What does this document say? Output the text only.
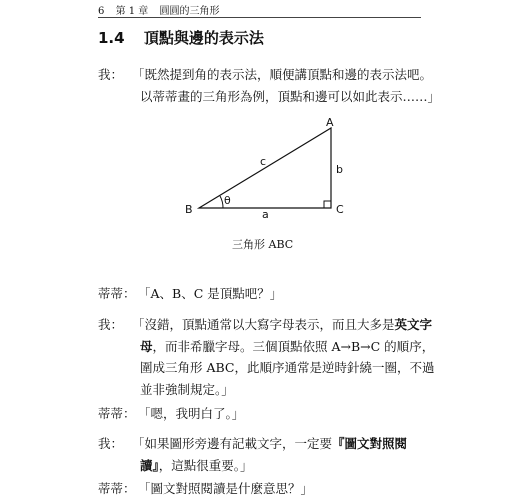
6 第 1 章 圓圓的三角形
1.4 頂點與邊的表示法
我： 「既然提到角的表示法，順便講頂點和邊的表示法吧。以蒂蒂畫的三角形為例，頂點和邊可以如此表示……」
A
B	C
a
b
c
θ
三角形 ABC
蒂蒂： 「A、B、C 是頂點吧？」
我： 「沒錯，頂點通常以大寫字母表示，而且大多是英文字母，而非希臘字母。三個頂點依照 A→B→C 的順序，圍成三角形 ABC，此順序通常是逆時針繞一圈，不過並非強制規定。」
蒂蒂： 「嗯，我明白了。」
我： 「如果圖形旁邊有記載文字，一定要『圖文對照閱讀』，這點很重要。」
蒂蒂： 「圖文對照閱讀是什麼意思？」
